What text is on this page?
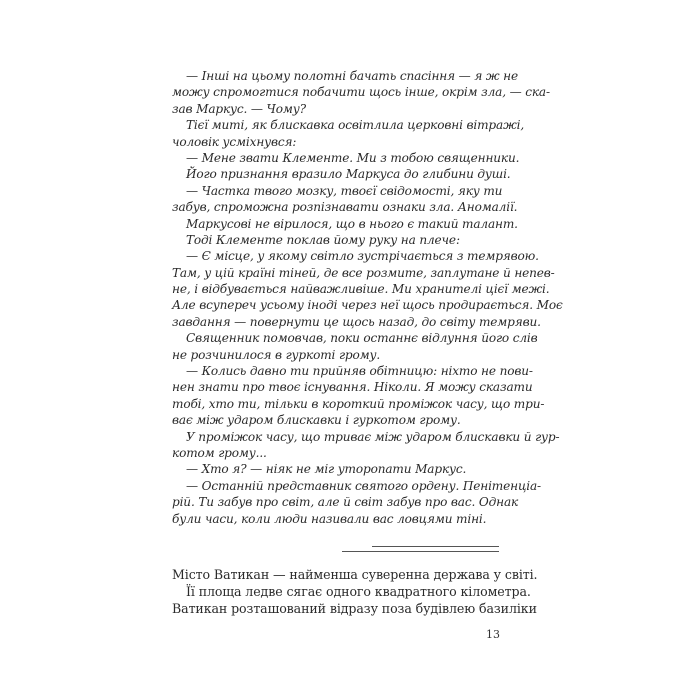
— Інші на цьому полотні бачать спасіння — я ж не
можу спромогтися побачити щось інше, окрім зла, — ска-
зав Маркус. — Чому?
Тієї миті, як блискавка освітлила церковні вітражі,
чоловік усміхнувся:
— Мене звати Клементе. Ми з тобою священники.
Його признання вразило Маркуса до глибини душі.
— Частка твого мозку, твоєї свідомості, яку ти
забув, спроможна розпізнавати ознаки зла. Аномалії.
Маркусові не вірилося, що в нього є такий талант.
Тоді Клементе поклав йому руку на плече:
— Є місце, у якому світло зустрічається з темрявою.
Там, у цій країні тіней, де все розмите, заплутане й непев-
не, і відбувається найважливіше. Ми хранителі цієї межі.
Але всупереч усьому іноді через неї щось продирається. Моє
завдання — повернути це щось назад, до світу темряви.
Священник помовчав, поки останнє відлуння його слів
не розчинилося в гуркоті грому.
— Колись давно ти прийняв обітницю: ніхто не пови-
нен знати про твоє існування. Ніколи. Я можу сказати
тобі, хто ти, тільки в короткий проміжок часу, що три-
ває між ударом блискавки і гуркотом грому.
У проміжок часу, що триває між ударом блискавки й гур-
котом грому...
— Хто я? — ніяк не міг уторопати Маркус.
— Останній представник святого ордену. Пенітенціа-
рій. Ти забув про світ, але й світ забув про вас. Однак
були часи, коли люди називали вас ловцями тіні.
Місто Ватикан — найменша суверенна держава у світі.
Її площа ледве сягає одного квадратного кілометра.
Ватикан розташований відразу поза будівлею базиліки
13
